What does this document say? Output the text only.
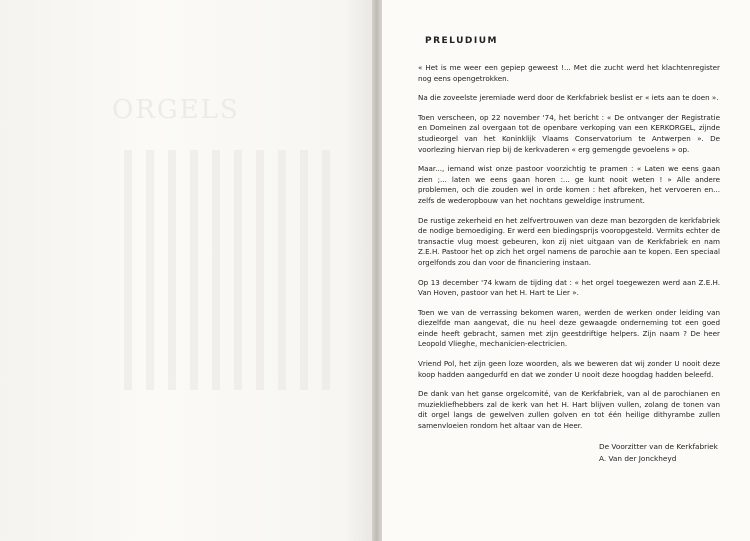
ORGELS
PRELUDIUM

« Het is me weer een gepiep geweest !... Met die zucht werd het klachtenregister nog eens opengetrokken.

Na die zoveelste jeremiade werd door de Kerkfabriek beslist er « iets aan te doen ».

Toen verscheen, op 22 november '74, het bericht : « De ontvanger der Registratie en Domeinen zal overgaan tot de openbare verkoping van een KERKORGEL, zijnde studieorgel van het Koninklijk Vlaams Conservatorium te Antwerpen ». De voorlezing hiervan riep bij de kerkvaderen « erg gemengde gevoelens » op.

Maar..., iemand wist onze pastoor voorzichtig te pramen : « Laten we eens gaan zien ;... laten we eens gaan horen :... ge kunt nooit weten ! » Alle andere problemen, och die zouden wel in orde komen : het afbreken, het vervoeren en... zelfs de wederopbouw van het nochtans geweldige instrument.

De rustige zekerheid en het zelfvertrouwen van deze man bezorgden de kerkfabriek de nodige bemoediging. Er werd een biedingsprijs vooropgesteld. Vermits echter de transactie vlug moest gebeuren, kon zij niet uitgaan van de Kerkfabriek en nam Z.E.H. Pastoor het op zich het orgel namens de parochie aan te kopen. Een speciaal orgelfonds zou dan voor de financiering instaan.

Op 13 december '74 kwam de tijding dat : « het orgel toegewezen werd aan Z.E.H. Van Hoven, pastoor van het H. Hart te Lier ».

Toen we van de verrassing bekomen waren, werden de werken onder leiding van diezelfde man aangevat, die nu heel deze gewaagde onderneming tot een goed einde heeft gebracht, samen met zijn geestdriftige helpers. Zijn naam ? De heer Leopold Vlieghe, mechanicien-electricien.

Vriend Pol, het zijn geen loze woorden, als we beweren dat wij zonder U nooit deze koop hadden aangedurfd en dat we zonder U nooit deze hoogdag hadden beleefd.

De dank van het ganse orgelcomité, van de Kerkfabriek, van al de parochianen en muziekliefhebbers zal de kerk van het H. Hart blijven vullen, zolang de tonen van dit orgel langs de gewelven zullen golven en tot één heilige dithyrambe zullen samenvloeien rondom het altaar van de Heer.

De Voorzitter van de Kerkfabriek
A. Van der Jonckheyd
